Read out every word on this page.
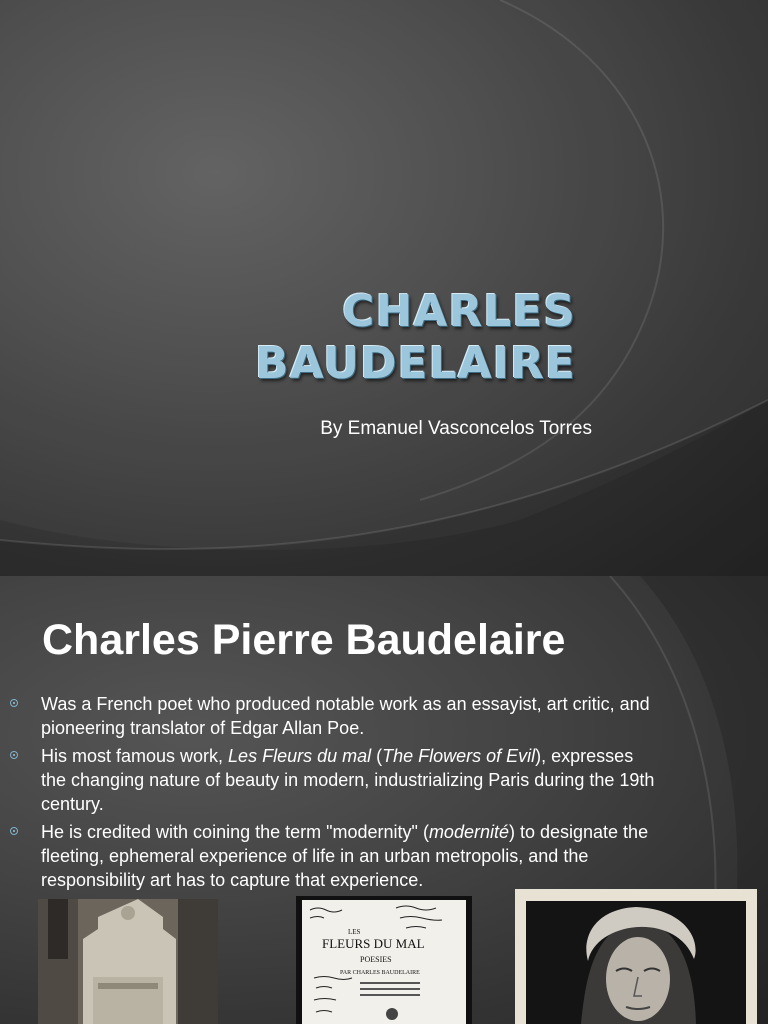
CHARLES
BAUDELAIRE
By Emanuel Vasconcelos Torres
Charles Pierre Baudelaire
Was a French poet who produced notable work as an essayist, art critic, and pioneering translator of Edgar Allan Poe.
His most famous work, Les Fleurs du mal (The Flowers of Evil), expresses the changing nature of beauty in modern, industrializing Paris during the 19th century.
He is credited with coining the term "modernity" (modernité) to designate the fleeting, ephemeral experience of life in an urban metropolis, and the responsibility art has to capture that experience.
LES
FLEURS DU MAL
POESIES
PAR CHARLES BAUDELAIRE
